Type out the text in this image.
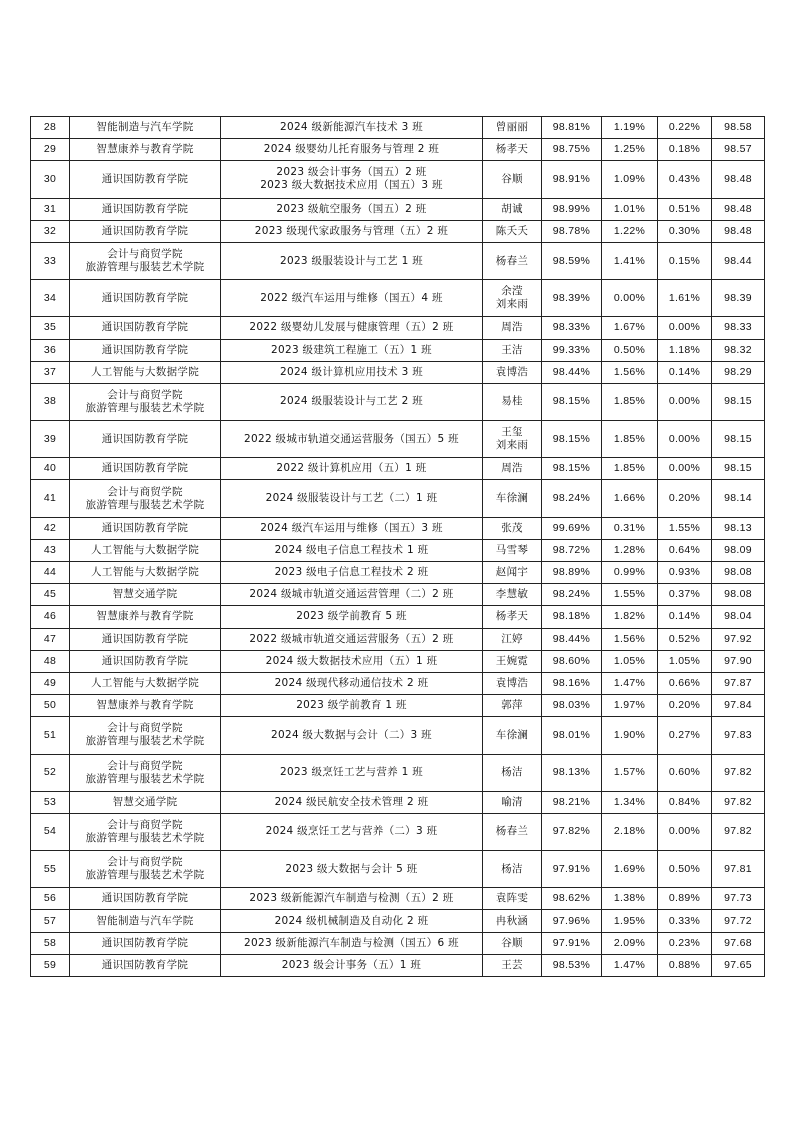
28	智能制造与汽车学院	2024 级新能源汽车技术 3 班	曾丽丽	98.81%	1.19%	0.22%	98.58
29	智慧康养与教育学院	2024 级婴幼儿托育服务与管理 2 班	杨孝天	98.75%	1.25%	0.18%	98.57
30	通识国防教育学院	2023 级会计事务（国五）2 班
2023 级大数据技术应用（国五）3 班	谷顺	98.91%	1.09%	0.43%	98.48
31	通识国防教育学院	2023 级航空服务（国五）2 班	胡诚	98.99%	1.01%	0.51%	98.48
32	通识国防教育学院	2023 级现代家政服务与管理（五）2 班	陈夭夭	98.78%	1.22%	0.30%	98.48
33	会计与商贸学院
旅游管理与服装艺术学院	2023 级服装设计与工艺 1 班	杨春兰	98.59%	1.41%	0.15%	98.44
34	通识国防教育学院	2022 级汽车运用与维修（国五）4 班	余滢
刘来雨	98.39%	0.00%	1.61%	98.39
35	通识国防教育学院	2022 级婴幼儿发展与健康管理（五）2 班	周浩	98.33%	1.67%	0.00%	98.33
36	通识国防教育学院	2023 级建筑工程施工（五）1 班	王洁	99.33%	0.50%	1.18%	98.32
37	人工智能与大数据学院	2024 级计算机应用技术 3 班	袁博浩	98.44%	1.56%	0.14%	98.29
38	会计与商贸学院
旅游管理与服装艺术学院	2024 级服装设计与工艺 2 班	易桂	98.15%	1.85%	0.00%	98.15
39	通识国防教育学院	2022 级城市轨道交通运营服务（国五）5 班	王玺
刘来雨	98.15%	1.85%	0.00%	98.15
40	通识国防教育学院	2022 级计算机应用（五）1 班	周浩	98.15%	1.85%	0.00%	98.15
41	会计与商贸学院
旅游管理与服装艺术学院	2024 级服装设计与工艺（二）1 班	车徐澜	98.24%	1.66%	0.20%	98.14
42	通识国防教育学院	2024 级汽车运用与维修（国五）3 班	张茂	99.69%	0.31%	1.55%	98.13
43	人工智能与大数据学院	2024 级电子信息工程技术 1 班	马雪琴	98.72%	1.28%	0.64%	98.09
44	人工智能与大数据学院	2023 级电子信息工程技术 2 班	赵闻宇	98.89%	0.99%	0.93%	98.08
45	智慧交通学院	2024 级城市轨道交通运营管理（二）2 班	李慧敏	98.24%	1.55%	0.37%	98.08
46	智慧康养与教育学院	2023 级学前教育 5 班	杨孝天	98.18%	1.82%	0.14%	98.04
47	通识国防教育学院	2022 级城市轨道交通运营服务（五）2 班	江婷	98.44%	1.56%	0.52%	97.92
48	通识国防教育学院	2024 级大数据技术应用（五）1 班	王婉霓	98.60%	1.05%	1.05%	97.90
49	人工智能与大数据学院	2024 级现代移动通信技术 2 班	袁博浩	98.16%	1.47%	0.66%	97.87
50	智慧康养与教育学院	2023 级学前教育 1 班	郭萍	98.03%	1.97%	0.20%	97.84
51	会计与商贸学院
旅游管理与服装艺术学院	2024 级大数据与会计（二）3 班	车徐澜	98.01%	1.90%	0.27%	97.83
52	会计与商贸学院
旅游管理与服装艺术学院	2023 级烹饪工艺与营养 1 班	杨洁	98.13%	1.57%	0.60%	97.82
53	智慧交通学院	2024 级民航安全技术管理 2 班	喻清	98.21%	1.34%	0.84%	97.82
54	会计与商贸学院
旅游管理与服装艺术学院	2024 级烹饪工艺与营养（二）3 班	杨春兰	97.82%	2.18%	0.00%	97.82
55	会计与商贸学院
旅游管理与服装艺术学院	2023 级大数据与会计 5 班	杨洁	97.91%	1.69%	0.50%	97.81
56	通识国防教育学院	2023 级新能源汽车制造与检测（五）2 班	袁阵雯	98.62%	1.38%	0.89%	97.73
57	智能制造与汽车学院	2024 级机械制造及自动化 2 班	冉秋涵	97.96%	1.95%	0.33%	97.72
58	通识国防教育学院	2023 级新能源汽车制造与检测（国五）6 班	谷顺	97.91%	2.09%	0.23%	97.68
59	通识国防教育学院	2023 级会计事务（五）1 班	王芸	98.53%	1.47%	0.88%	97.65
